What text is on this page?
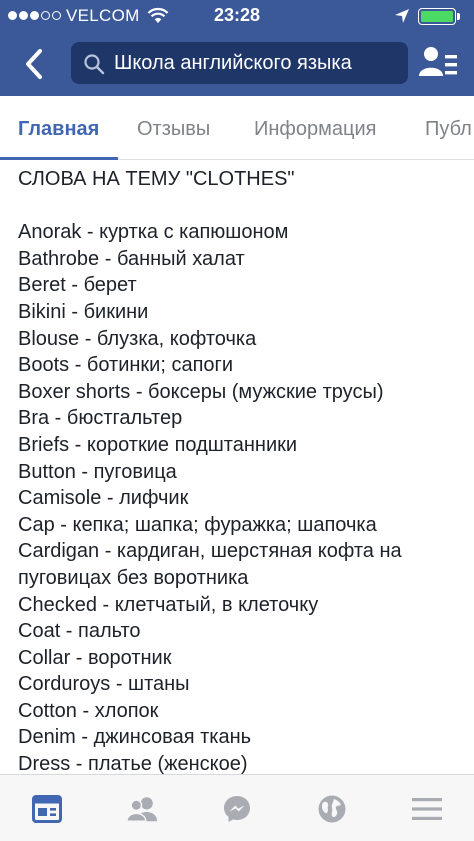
VELCOM	23:28
Школа английского языка
Главная Отзывы Информация Публ
СЛОВА НА ТЕМУ "CLOTHES"
Anorak - куртка с капюшоном
Bathrobe - банный халат
Beret - берет
Bikini - бикини
Blouse - блузка, кофточка
Boots - ботинки; сапоги
Boxer shorts - боксеры (мужские трусы)
Bra - бюстгальтер
Briefs - короткие подштанники
Button - пуговица
Camisole - лифчик
Cap - кепка; шапка; фуражка; шапочка
Cardigan - кардиган, шерстяная кофта на пуговицах без воротника
Checked - клетчатый, в клеточку
Coat - пальто
Collar - воротник
Corduroys - штаны
Cotton - хлопок
Denim - джинсовая ткань
Dress - платье (женское)
